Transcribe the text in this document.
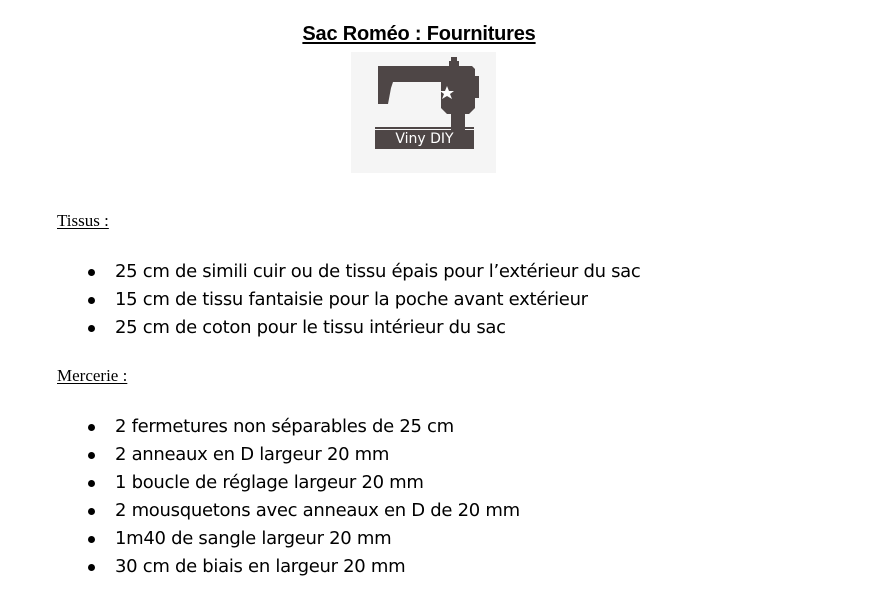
Sac Roméo : Fournitures
Viny DIY
Tissus :
25 cm de simili cuir ou de tissu épais pour l’extérieur du sac
15 cm de tissu fantaisie pour la poche avant extérieur
25 cm de coton pour le tissu intérieur du sac
Mercerie :
2 fermetures non séparables de 25 cm
2 anneaux en D largeur 20 mm
1 boucle de réglage largeur 20 mm
2 mousquetons avec anneaux en D de 20 mm
1m40 de sangle largeur 20 mm
30 cm de biais en largeur 20 mm
